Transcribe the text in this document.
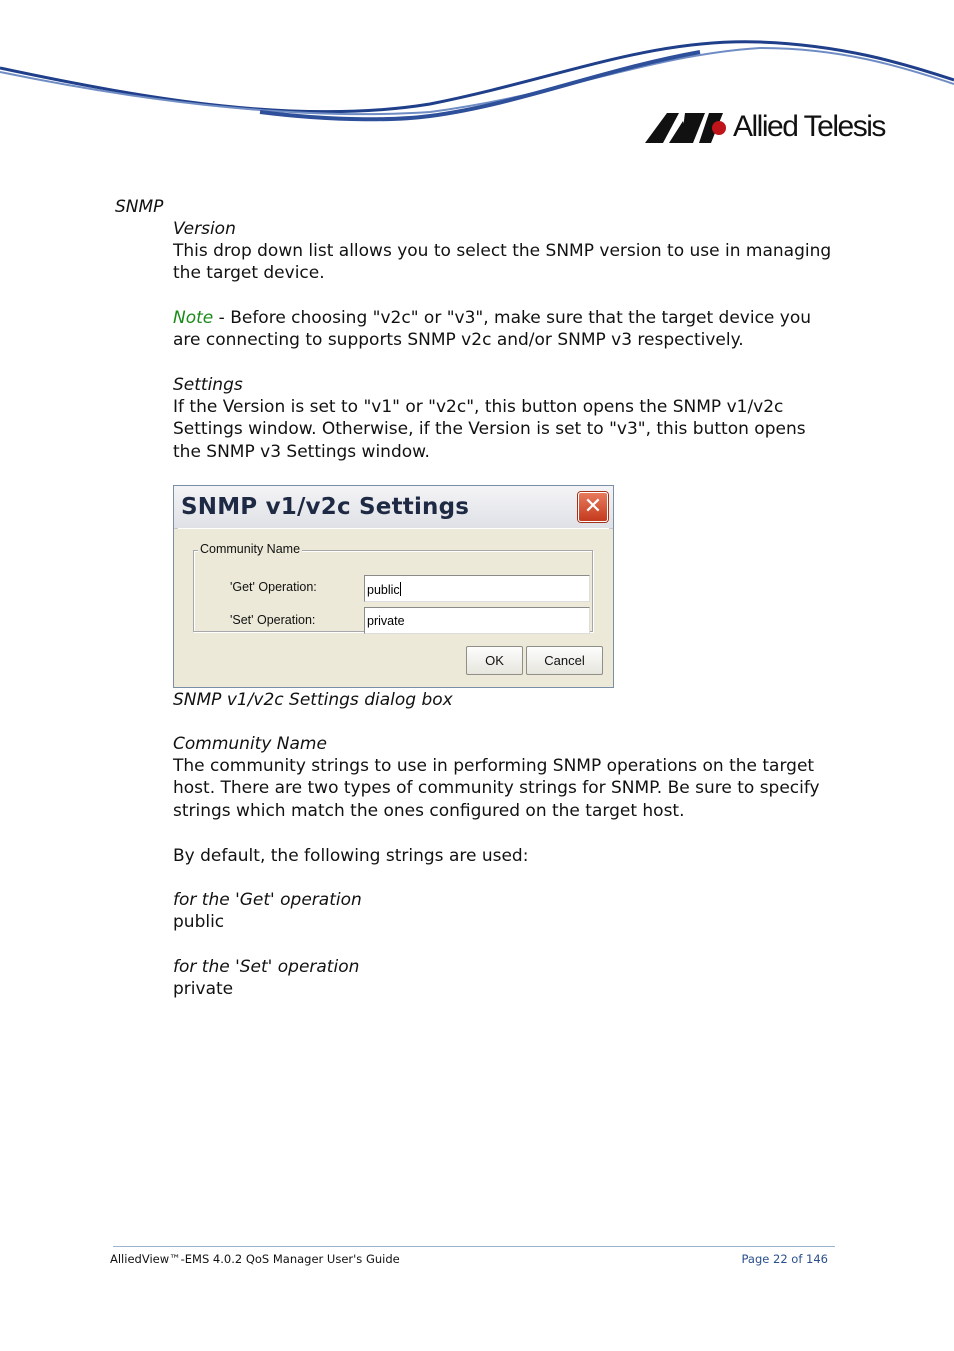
Allied Telesis
SNMP
Version
This drop down list allows you to select the SNMP version to use in managing the target device.
Note - Before choosing "v2c" or "v3", make sure that the target device you are connecting to supports SNMP v2c and/or SNMP v3 respectively.
Settings
If the Version is set to "v1" or "v2c", this button opens the SNMP v1/v2c Settings window. Otherwise, if the Version is set to "v3", this button opens the SNMP v3 Settings window.
SNMP v1/v2c Settings	✕
Community Name
'Get' Operation:	public
'Set' Operation:	private
OK	Cancel
SNMP v1/v2c Settings dialog box
Community Name
The community strings to use in performing SNMP operations on the target host. There are two types of community strings for SNMP. Be sure to specify strings which match the ones configured on the target host.
By default, the following strings are used:
for the 'Get' operation
public
for the 'Set' operation
private
AlliedView™-EMS 4.0.2 QoS Manager User's Guide	Page 22 of 146
